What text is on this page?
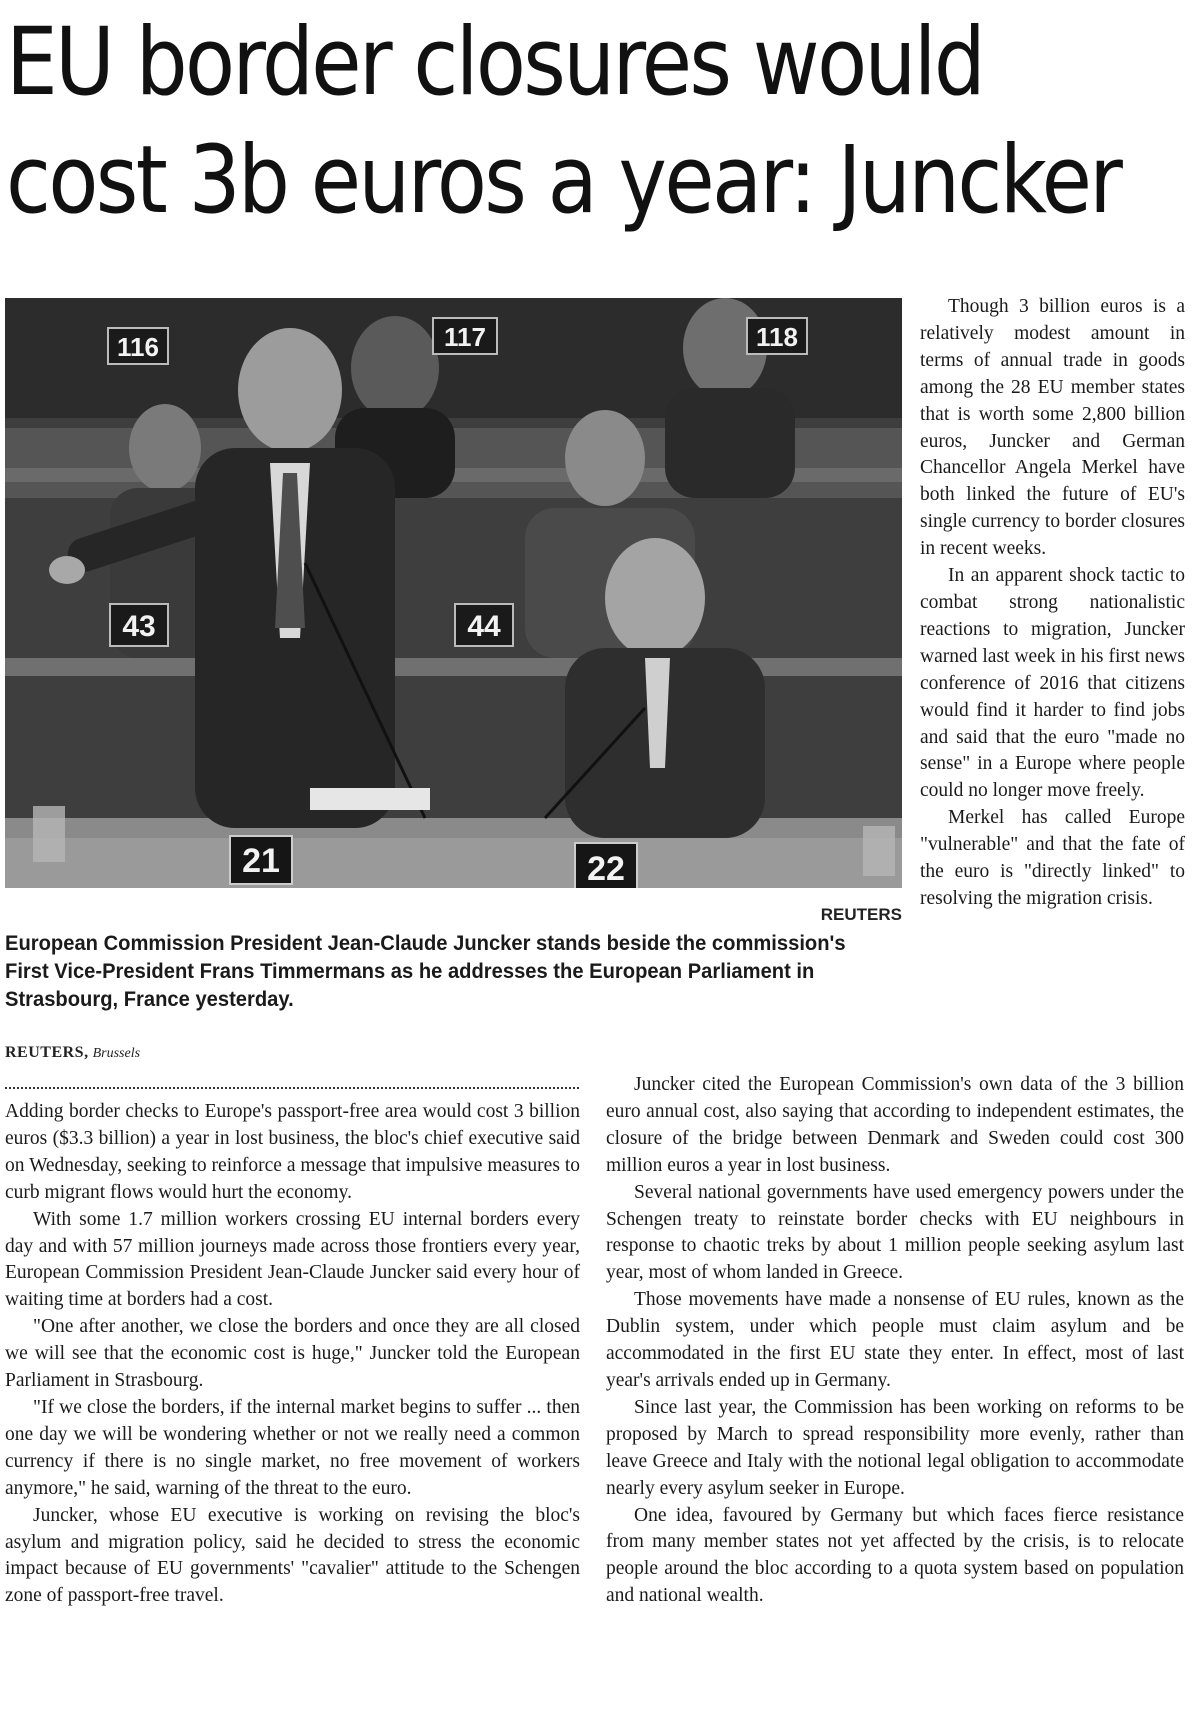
EU border closures would
cost 3b euros a year: Juncker
116	117	118
43	44
21	22
REUTERS
European Commission President Jean-Claude Juncker stands beside the commission's First Vice-President Frans Timmermans as he addresses the European Parliament in Strasbourg, France yesterday.
REUTERS, Brussels

Though 3 billion euros is a relatively modest amount in terms of annual trade in goods among the 28 EU member states that is worth some 2,800 billion euros, Juncker and German Chancellor Angela Merkel have both linked the future of EU's single currency to border closures in recent weeks.

In an apparent shock tactic to combat strong nationalistic reactions to migration, Juncker warned last week in his first news conference of 2016 that citizens would find it harder to find jobs and said that the euro "made no sense" in a Europe where people could no longer move freely.

Merkel has called Europe "vulnerable" and that the fate of the euro is "directly linked" to resolving the migration crisis.

Adding border checks to Europe's passport-free area would cost 3 billion euros ($3.3 billion) a year in lost business, the bloc's chief executive said on Wednesday, seeking to reinforce a message that impulsive measures to curb migrant flows would hurt the economy.

With some 1.7 million workers crossing EU internal borders every day and with 57 million journeys made across those frontiers every year, European Commission President Jean-Claude Juncker said every hour of waiting time at borders had a cost.

"One after another, we close the borders and once they are all closed we will see that the economic cost is huge," Juncker told the European Parliament in Strasbourg.

"If we close the borders, if the internal market begins to suffer ... then one day we will be wondering whether or not we really need a common currency if there is no single market, no free movement of workers anymore," he said, warning of the threat to the euro.

Juncker, whose EU executive is working on revising the bloc's asylum and migration policy, said he decided to stress the economic impact because of EU governments' "cavalier" attitude to the Schengen zone of passport-free travel.

Juncker cited the European Commission's own data of the 3 billion euro annual cost, also saying that according to independent estimates, the closure of the bridge between Denmark and Sweden could cost 300 million euros a year in lost business.

Several national governments have used emergency powers under the Schengen treaty to reinstate border checks with EU neighbours in response to chaotic treks by about 1 million people seeking asylum last year, most of whom landed in Greece.

Those movements have made a nonsense of EU rules, known as the Dublin system, under which people must claim asylum and be accommodated in the first EU state they enter. In effect, most of last year's arrivals ended up in Germany.

Since last year, the Commission has been working on reforms to be proposed by March to spread responsibility more evenly, rather than leave Greece and Italy with the notional legal obligation to accommodate nearly every asylum seeker in Europe.

One idea, favoured by Germany but which faces fierce resistance from many member states not yet affected by the crisis, is to relocate people around the bloc according to a quota system based on population and national wealth.
